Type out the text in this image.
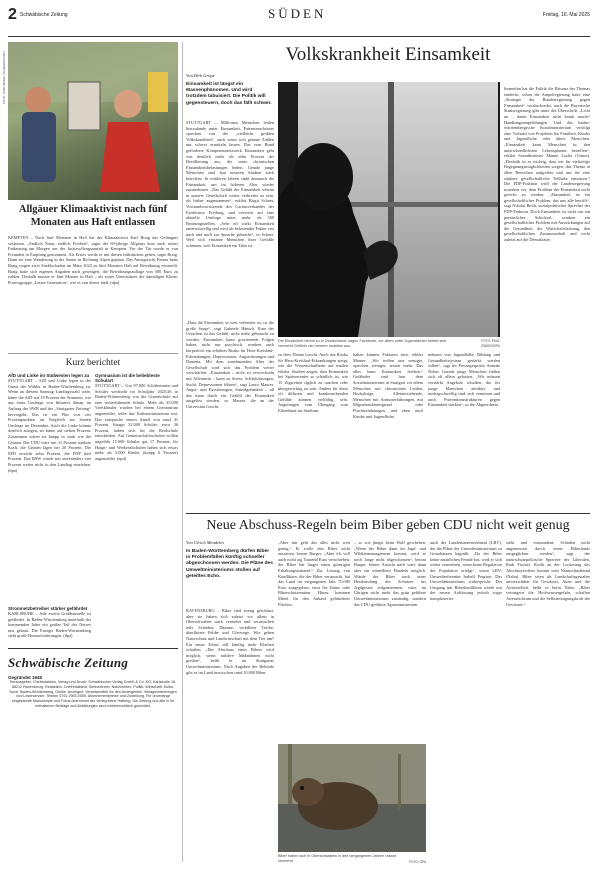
2 Schwäbische Zeitung	SÜDEN	Freitag, 16. Mai 2025
FOTO: KARL BRAIG / KLIMAKONTAKT
Allgäuer Klimaaktivist nach fünf Monaten aus Haft entlassen
KEMPTEN – Nach fünf Monaten in Haft hat der Klimaaktivist Karl Braig das Gefängnis verlassen. „Endlich Natur, endlich Freiheit“, sagte der 69-jährige Allgäuer kurz nach seiner Entlassung am Morgen aus der Justizvollzugsanstalt in Kempten. Vor der Tür wurde er von Freunden in Empfang genommen. Als Erstes werde er mit diesen frühstücken gehen, sagte Braig. Dann sei eine Wanderung in der Sonne in Richtung Alpen geplant. Das Amtsgericht Passau hatte Braig wegen zwei Sitzblockaden im März 2023 zu fünf Monaten Haft auf Bewährung verurteilt. Braig hatte sich eigenen Angaben nach geweigert, die Bewährungsauflage von 500 Euro zu zahlen. Deshalb musste er fünf Monate in Haft – als erster Unterstützer der damaligen Klima-Protestgruppe „Letzte Generation“, wie es von dieser hieß. (dpa)
Kurz berichtet
AfD und Linke im Südwesten legen zu
STUTTGART – AfD und Linke legen in der Gunst der Wähler in Baden-Württemberg zu. Wenn an diesem Sonntag Landtagswahl wäre, käme die AfD auf 19 Prozent der Stimmen, wie aus einer Umfrage von Infratest dimap im Auftrag des SWR und der „Stuttgarter Zeitung“ hervorgeht. Das ist ein Plus von vier Prozentpunkten im Vergleich zur letzten Umfrage im Dezember. Auch die Linke könnte deutlich zulegen, sie käme auf sieben Prozent. Zusammen wären sie knapp so stark wie die Grünen. Die CDU wäre mit 31 Prozent stärkste Kraft, die Grünen lägen bei 20 Prozent. Die SPD erreicht zehn Prozent, die FDP fünf Prozent. Das BSW würde mit unverändert vier Prozent weiter nicht in den Landtag einziehen. (dpa)
Stromnetzbetreiber stärker gefährdet
KARLSRUHE – Jede zweite Großbaustelle ist gefährdet. In Baden-Württemberg innerhalb der kommenden Jahre ein großer Teil des Netzes neu gebaut. Die Energie Baden-Württemberg sieht große Herausforderungen. (dpa)
Gymnasium ist die beliebteste Schulart
STUTTGART – Gut 87.000 Schülerinnen und Schüler wechseln im Schuljahr 2025/26 in Baden-Württemberg von der Grundschule auf eine weiterführende Schule. Mehr als 35.000 Viertklässler wurden bei einem Gymnasium angemeldet, teilte das Kultusministerium mit. Das entspreche einem Anteil von rund 41 Prozent. Knapp 32.000 Schüler, etwa 36 Prozent, haben sich für die Realschule entschieden. Auf Gemeinschaftsschulen wollen ungefähr 15.000 Schüler gut 17 Prozent, für Haupt- und Werkrealschulen haben sich etwas mehr als 5.000 Kinder (knapp 6 Prozent) angemeldet. (epd)
Schwäbische Zeitung
Gegründet 1945
Herausgeber, Chefredaktion, Verlag und Druck: Schwäbischer Verlag GmbH & Co. KG, Karlstraße 16, 88212 Ravensburg. Redaktion: Chefredakteur, Stellvertreter, Nachrichten, Politik, Wirtschaft, Kultur, Sport, Baden-Württemberg, Online. Anzeigen: Verantwortlich für den Anzeigenteil. Verlagsvertretungen und Leserservice: Telefon 0751 2955 5555. Abonnementpreise und Zustellung. Für unverlangt eingesandte Manuskripte und Fotos übernimmt der Verlag keine Haftung. Die Zeitung und alle in ihr enthaltenen Beiträge und Abbildungen sind urheberrechtlich geschützt.
Volkskrankheit Einsamkeit
Von Dirk Grupe
Einsamkeit ist längst ein Massenphänomen. Und wird trotzdem tabuisiert. Die Politik will gegensteuern, doch das fällt schwer.
STUTTGART – Millionen Menschen leiden hierzulande unter Einsamkeit. Patientenschützer sprechen von der „vielleicht größten Volkskrankheit“, auch wenn sich genaue Zahlen nur schwer ermitteln lassen. Das vom Bund geförderte Kompetenznetzwerk Einsamkeit geht von deutlich mehr als zehn Prozent der Bevölkerung aus, die unter chronischen Einsamkeitsbelastungen leiden. Gerade junge Menschen sind laut neueren Studien stark betroffen. In mittleren Jahren sinkt demnach die Einsamkeit, um im höheren Alter wieder zuzunehmen. „Das Gefühl der Einsamkeit scheint in unserer Gesellschaft weiter verbreitet zu sein, als bisher angenommen“, erklärt Birgit Schaer, Vorstandsvorsitzende des Caritasverbandes der Erzdiözese Freiburg, und verweist auf eine aktuelle Umfrage unter mehr als 300 Beratungsstellen. „Sehr oft wirkt Einsamkeit unterschwellig und wird als belastender Faktor erst nach und nach zur Sprache gebracht“, so Schaer. Weil sich einsame Menschen ihrer Gefühle schämen, weil Einsamkeit ein Tabu ist.
Die Einsamkeit nimmt zu in Deutschland, sagen Fachleute, vor allem unter Jugendlichen breitet sich vermehrt Gefühle der inneren Isolation aus.
FOTO: PAUL ZINKEN/DPA
Immerhin hat die Politik die Brisanz des Themas entdeckt, schon die Ampelregierung hatte eine „Strategie der Bundesregierung gegen Einsamkeit“ verabschiedet, auch die Bayerische Staatsregierung gibt unter der Überschrift „Licht an – damit Einsamkeit nicht krank macht“ Handlungsempfehlungen. Und das baden-württembergische Sozialministerium verfolgt eine Vielzahl von Projekten für Familien, Kinder und Jugendliche oder ältere Menschen. „Einsamkeit kann Menschen in den unterschiedlichsten Lebensphasen betreffen“, erklärt Sozialminister Manne Lucha (Grüne). „Deshalb ist es wichtig, dass wir für vielseitige Begegnungsmöglichkeiten sorgen, das Thema in allen Bereichen aufgreifen und uns für eine stärkere gesellschaftliche Teilhabe einsetzen.“ Die FDP-Fraktion wirft der Landesregierung trotzdem vor, dem Problem der Einsamkeit nicht gerecht zu werden. „Einsamkeit ist ein gesellschaftliches Problem, das uns alle betrifft“, sagt Nikolai Reith, sozialpolitischer Sprecher der FDP-Fraktion. Doch Einsamkeit ist nicht nur ein persönliches Schicksal, sondern ein gesellschaftliches Problem mit Auswirkungen auf die Gesundheit, die Wirtschaftsleistung, den gesellschaftlichen Zusammenhalt und nicht zuletzt auf die Demokratie.
„Dass die Einsamkeit so weit verbreitet ist, ist die große Sorge“, sagt Gabriele Hänsch. Eine der Ursachen ist das Gefühl, nicht mehr gebraucht zu werden. Einsamkeit kann gravierende Folgen haben, nicht nur psychisch, sondern auch körperlich: ein erhöhtes Risiko für Herz-Kreislauf-Erkrankungen, Depressionen, Angststörungen und Demenz. Mit dem zunehmenden Alter der Gesellschaft wird sich das Problem weiter verschärfen. „Einsamkeit – nicht zu verwechseln mit Alleinsein – kann zu Stress, Schlafstörungen, Sucht, Depressionen führen“, sagt Laura Maurer. Angst- und Essstörungen, Suizidgedanken – all das kann durch ein Gefühl der Einsamkeit ausgelöst werden, so Maurer, die an der Universität forscht.
zu dem Thema forscht. Auch das Risiko für Herz-Kreislauf-Erkrankungen steigt, wie die Wissenschaftlerin auf mailen erklärt. Studien zeigen, dass Einsamkeit bei Spätverrenter so schädlich ist, wie 15 Zigaretten täglich zu rauchen oder übergewichtig zu sein. Anders für diese oft diffusen und krankmachenden Gefühle können vielfältig sein. Angefangen vom Übergang vom Elternhaus ins Studium.
halten können Faktoren sein, erklärt Maurer. „Wir treffen uns weniger, sprechen weniger, texten mehr. Das alles kann Einsamkeit fördern.“ Gefährdet sind laut dem Sozialministerium in Stuttgart vor allem Menschen mit chronischen Leiden, Hochaltrige, Alleinerziehende, Menschen mit Armutserfahrungen, mit Migrationshintergrund oder Fluchterfahrungen, und eben auch Kinder und Jugendliche.
nehmen von Jugendhilfe, Bildung und Gesundheitssystem gestärkt werden sollen“, sagt im Pressegespräch Annette Nolan. Gerade junge Menschen fühlen sich oft allein gelassen. „Wir müssen verstärkt Angebote schaffen, die für junge Menschen attraktiv und niedrigschwellig sind, sich vernetzen und auch Präventionsstrukturen gegen Einsamkeit stärken“, so die Abgeordnete.
Neue Abschuss-Regeln beim Biber geben CDU nicht weit genug
Von Ulrich Mendelin
In Baden-Württemberg dürfen Biber in Problemfällen künftig schneller abgeschossen werden. Die Pläne des Umweltministeriums stoßen auf geteiltes Echo.
RAVENSBURG – Biber sind streng geschützt, aber sie haben sich zuletzt vor allem in Oberschwaben stark vermehrt und verursachen teils Schäden: Dämme, verfallene Teiche, überflutete Felder und Uferwege. Wie gehen Naturschutz und Landwirtschaft mit dem Tier um? Ein neuer Erlass soll künftig mehr Klarheit schaffen. „Der Abschuss eines Bibers wird möglich, wenn mildere Maßnahmen nicht greifen“, heißt es im Stuttgarter Umweltministerium. Nach Angaben der Behörde gibt es im Land inzwischen rund 10.000 Biber.
„Aber mir geht das alles nicht weit genug.“ Er wolle den Biber nicht ausrotten, betont Burger. „Aber ich will auch nicht zig Tausend Euro verschieben, der Biber hat längst einen günstigen Erhaltungszustand.“ Zur Lösung von Konflikten, die der Biber verursacht, hat das Land im vergangenen Jahr 70.000 Euro ausgegeben, etwa für Zäune oder Biberschutzmatten. Hinzu kommen Mittel für den Ankauf gefährdeter Flächen.
– so wie jüngst beim Wolf geschehen. „Wenn der Biber dann im Jagd- und Wildtiermanagement kommt, wird er noch lange nicht abgeschossen“, betont Burger. Seiner Ansicht nach wäre dann aber ein schnelleres Handeln möglich. Würde der Biber nach einer Herabstufung des Schutzes ins Jagdgesetz aufgenommen, wäre im Übrigen nicht mehr das grün geführte Umweltministerium zuständig, sondern das CDU-geführte Agrarministerium.
auch der Landesbauernverband (LBV), der die Pläne des Umweltministeriums zu Grundsätzen begrüßt. „Da der Biber keine natürlichen Feinde hat, wird er sich weiter vermehren, wenn keine Regulation der Population erfolgt“, warnt LBV-Umweltreferentin Isabell Pergiser. Das Umweltministerium widerspricht: Der Umgang mit Biberkonflikten werde mit der neuen Auffassung jedoch sogar komplizierter.
steht und entstandene Schäden nicht angemessen durch einen Biberfonds ausgeglichen werden“, sagt der naturschutzpolitische Sprecher der Liberalen, Rudi Fischer. Kritik an der Lockerung des Abschussverbots kommt vom Naturschutzbund (Nabu). Biber seien als Landschaftsgestalter unverzichtbar für Gewässer, Auen und die Artenvielfalt, heißt es beim Nabu. „Biber verringern die Hochwassergefahr, schaffen Artenreichtum und die Selbstreinigungskraft der Gewässer.“
Biber haben sich in Oberschwaben in den vergangenen Jahren rasant vermehrt.	FOTO: DPA
